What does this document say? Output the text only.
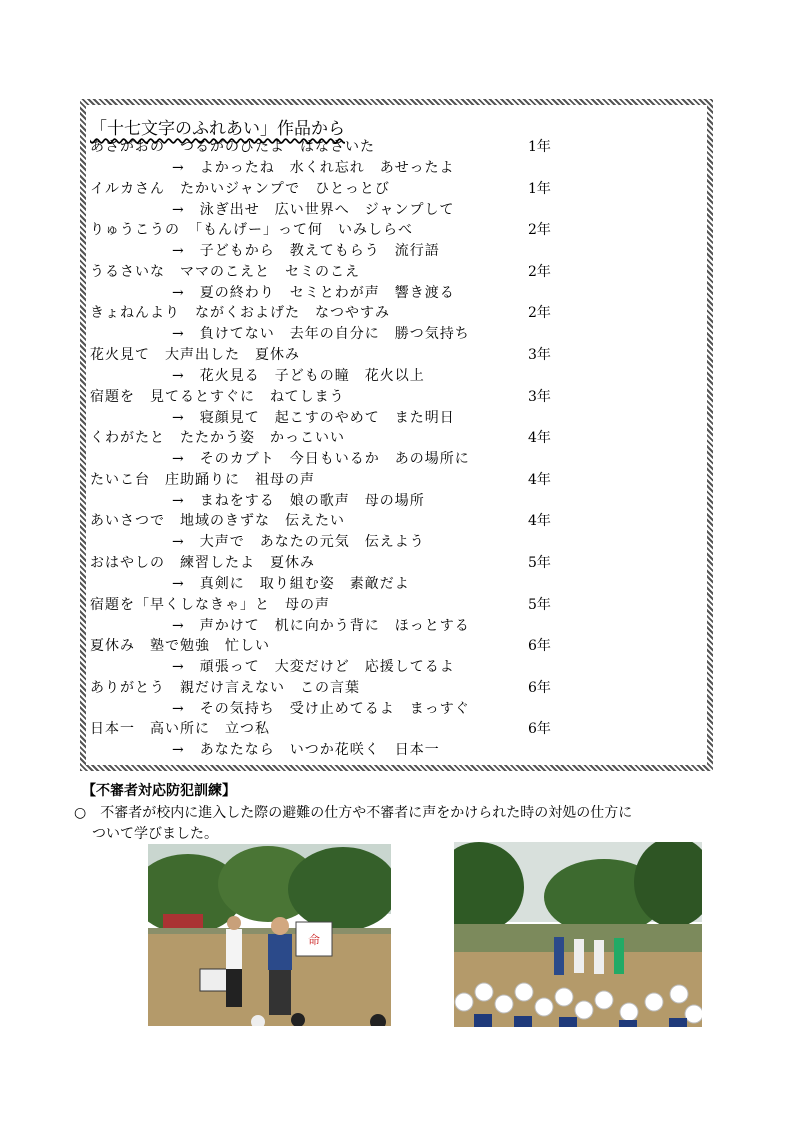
「十七文字のふれあい」作品から
あさがおの　つるがのびたよ　はなさいた	1年
→　よかったね　水くれ忘れ　あせったよ
イルカさん　たかいジャンプで　ひとっとび	1年
→　泳ぎ出せ　広い世界へ　ジャンプして
りゅうこうの　「もんげー」って何　いみしらべ	2年
→　子どもから　教えてもらう　流行語
うるさいな　ママのこえと　セミのこえ	2年
→　夏の終わり　セミとわが声　響き渡る
きょねんより　ながくおよげた　なつやすみ	2年
→　負けてない　去年の自分に　勝つ気持ち
花火見て　大声出した　夏休み	3年
→　花火見る　子どもの瞳　花火以上
宿題を　見てるとすぐに　ねてしまう	3年
→　寝顔見て　起こすのやめて　また明日
くわがたと　たたかう姿　かっこいい	4年
→　そのカブト　今日もいるか　あの場所に
たいこ台　庄助踊りに　祖母の声	4年
→　まねをする　娘の歌声　母の場所
あいさつで　地域のきずな　伝えたい	4年
→　大声で　あなたの元気　伝えよう
おはやしの　練習したよ　夏休み	5年
→　真剣に　取り組む姿　素敵だよ
宿題を「早くしなきゃ」と　母の声	5年
→　声かけて　机に向かう背に　ほっとする
夏休み　塾で勉強　忙しい	6年
→　頑張って　大変だけど　応援してるよ
ありがとう　親だけ言えない　この言葉	6年
→　その気持ち　受け止めてるよ　まっすぐ
日本一　高い所に　立つ私	6年
→　あなたなら　いつか花咲く　日本一
【不審者対応防犯訓練】
○　不審者が校内に進入した際の避難の仕方や不審者に声をかけられた時の対処の仕方に
ついて学びました。
命
